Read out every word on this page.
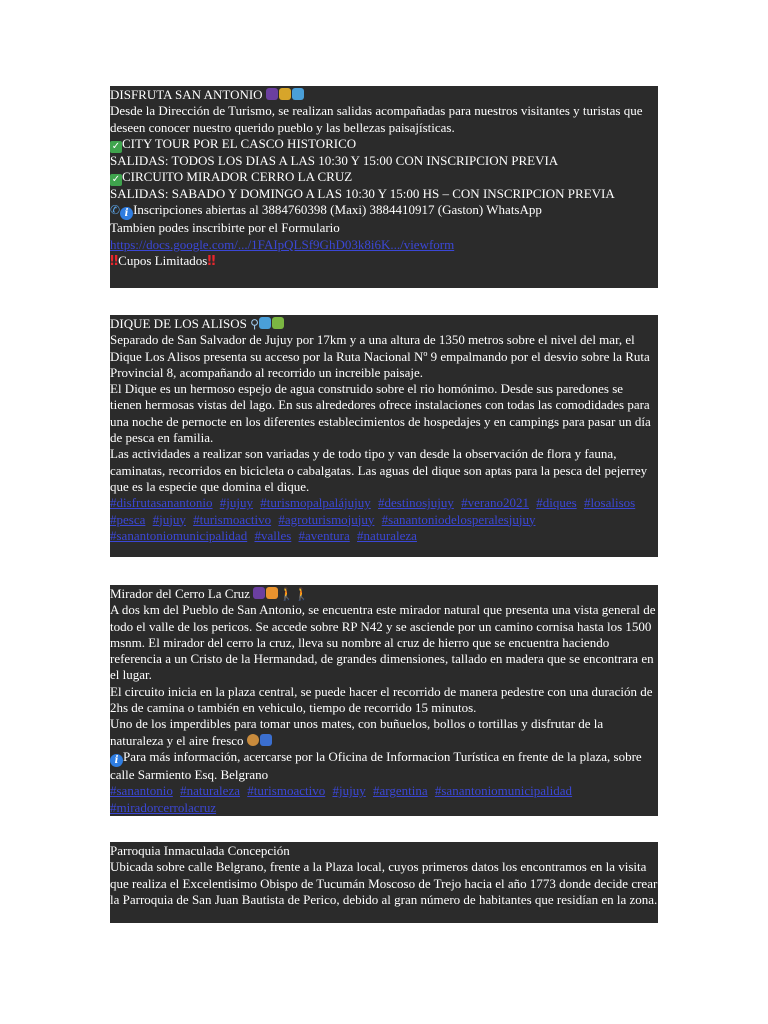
DISFRUTA SAN ANTONIO

Desde la Dirección de Turismo, se realizan salidas acompañadas para nuestros visitantes y turistas que deseen conocer nuestro querido pueblo y las bellezas paisajísticas.

✓ CITY TOUR POR EL CASCO HISTORICO

SALIDAS: TODOS LOS DIAS A LAS 10:30 Y 15:00 CON INSCRIPCION PREVIA

✓ CIRCUITO MIRADOR CERRO LA CRUZ

SALIDAS: SABADO Y DOMINGO A LAS 10:30 Y 15:00 HS – CON INSCRIPCION PREVIA

✆ i Inscripciones abiertas al 3884760398 (Maxi) 3884410917 (Gaston) WhatsApp

Tambien podes inscribirte por el Formulario

https://docs.google.com/.../1FAIpQLSf9GhD03k8i6K.../viewform

‼Cupos Limitados‼

DIQUE DE LOS ALISOS ⚲

Separado de San Salvador de Jujuy por 17km y a una altura de 1350 metros sobre el nivel del mar, el Dique Los Alisos presenta su acceso por la Ruta Nacional Nº 9 empalmando por el desvio sobre la Ruta Provincial 8, acompañando al recorrido un increible paisaje.

El Dique es un hermoso espejo de agua construido sobre el rio homónimo. Desde sus paredones se tienen hermosas vistas del lago. En sus alrededores ofrece instalaciones con todas las comodidades para una noche de pernocte en los diferentes establecimientos de hospedajes y en campings para pasar un día de pesca en familia.

Las actividades a realizar son variadas y de todo tipo y van desde la observación de flora y fauna, caminatas, recorridos en bicicleta o cabalgatas. Las aguas del dique son aptas para la pesca del pejerrey que es la especie que domina el dique.

#disfrutasanantonio #jujuy #turismopalpalájujuy #destinosjujuy #verano2021 #diques #losalisos #pesca #jujuy #turismoactivo #agroturismojujuy #sanantoniodelosperalesjujuy #sanantoniomunicipalidad #valles #aventura #naturaleza

Mirador del Cerro La Cruz 🚶🚶

A dos km del Pueblo de San Antonio, se encuentra este mirador natural que presenta una vista general de todo el valle de los pericos. Se accede sobre RP N42 y se asciende por un camino cornisa hasta los 1500 msnm. El mirador del cerro la cruz, lleva su nombre al cruz de hierro que se encuentra haciendo referencia a un Cristo de la Hermandad, de grandes dimensiones, tallado en madera que se encontrara en el lugar.

El circuito inicia en la plaza central, se puede hacer el recorrido de manera pedestre con una duración de 2hs de camina o también en vehiculo, tiempo de recorrido 15 minutos.

Uno de los imperdibles para tomar unos mates, con buñuelos, bollos o tortillas y disfrutar de la naturaleza y el aire fresco

i Para más información, acercarse por la Oficina de Informacion Turística en frente de la plaza, sobre calle Sarmiento Esq. Belgrano

#sanantonio #naturaleza #turismoactivo #jujuy #argentina #sanantoniomunicipalidad #miradorcerrolacruz

Parroquia Inmaculada Concepción

Ubicada sobre calle Belgrano, frente a la Plaza local, cuyos primeros datos los encontramos en la visita que realiza el Excelentisimo Obispo de Tucumán Moscoso de Trejo hacia el año 1773 donde decide crear la Parroquia de San Juan Bautista de Perico, debido al gran número de habitantes que residían en la zona.
